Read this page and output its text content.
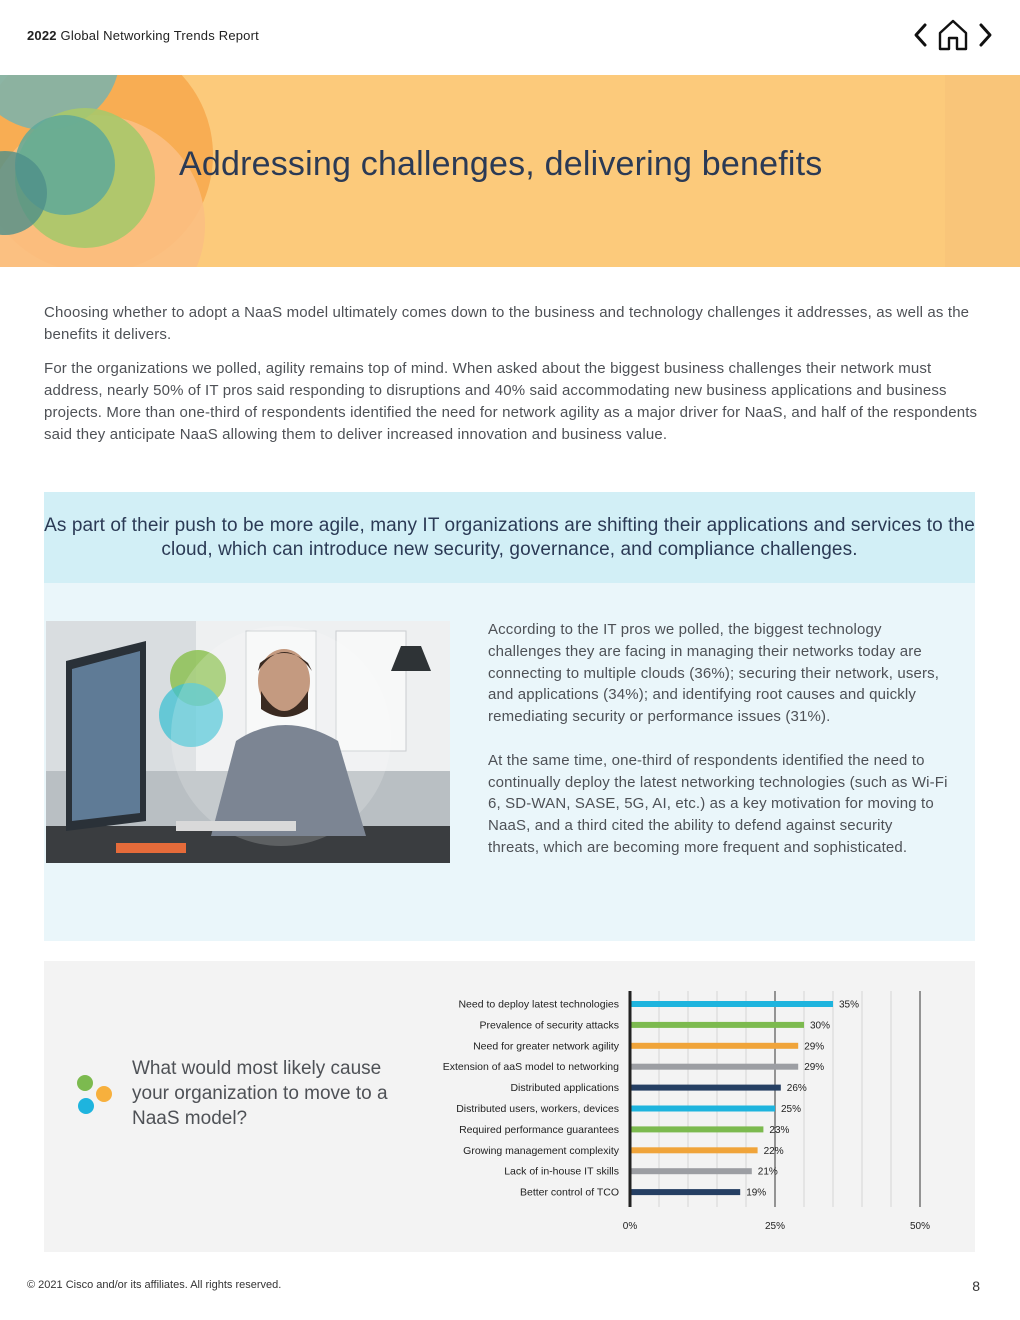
2022 Global Networking Trends Report
Addressing challenges, delivering benefits

Choosing whether to adopt a NaaS model ultimately comes down to the business and technology challenges it addresses, as well as the benefits it delivers.

For the organizations we polled, agility remains top of mind. When asked about the biggest business challenges their network must address, nearly 50% of IT pros said responding to disruptions and 40% said accommodating new business applications and business projects. More than one-third of respondents identified the need for network agility as a major driver for NaaS, and half of the respondents said they anticipate NaaS allowing them to deliver increased innovation and business value.

As part of their push to be more agile, many IT organizations are shifting their applications and services to the cloud, which can introduce new security, governance, and compliance challenges.

According to the IT pros we polled, the biggest technology challenges they are facing in managing their networks today are connecting to multiple clouds (36%); securing their network, users, and applications (34%); and identifying root causes and quickly remediating security or performance issues (31%).

At the same time, one-third of respondents identified the need to continually deploy the latest networking technologies (such as Wi-Fi 6, SD-WAN, SASE, 5G, AI, etc.) as a key motivation for moving to NaaS, and a third cited the ability to defend against security threats, which are becoming more frequent and sophisticated.

What would most likely cause your organization to move to a NaaS model?
Need to deploy latest technologies	35%
Prevalence of security attacks	30%
Need for greater network agility	29%
Extension of aaS model to networking	29%
Distributed applications	26%
Distributed users, workers, devices	25%
Required performance guarantees	23%
Growing management complexity	22%
Lack of in-house IT skills	21%
Better control of TCO	19%
0%	25%	50%
© 2021 Cisco and/or its affiliates. All rights reserved.	8
